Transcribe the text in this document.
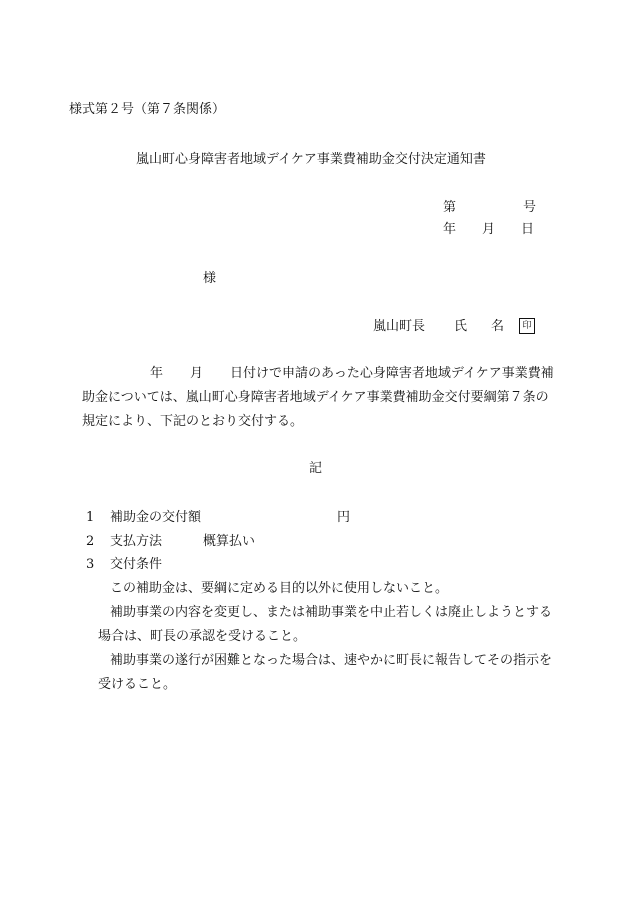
様式第２号（第７条関係）
嵐山町心身障害者地域デイケア事業費補助金交付決定通知書
第	号
年 月 日
様
嵐山町長 氏 名	印
年 月 日付けで申請のあった心身障害者地域デイケア事業費補
助金については、嵐山町心身障害者地域デイケア事業費補助金交付要綱第７条の
規定により、下記のとおり交付する。
記
1 補助金の交付額	円
2 支払方法	概算払い
3 交付条件
この補助金は、要綱に定める目的以外に使用しないこと。
補助事業の内容を変更し、または補助事業を中止若しくは廃止しようとする
場合は、町長の承認を受けること。
補助事業の遂行が困難となった場合は、速やかに町長に報告してその指示を
受けること。
